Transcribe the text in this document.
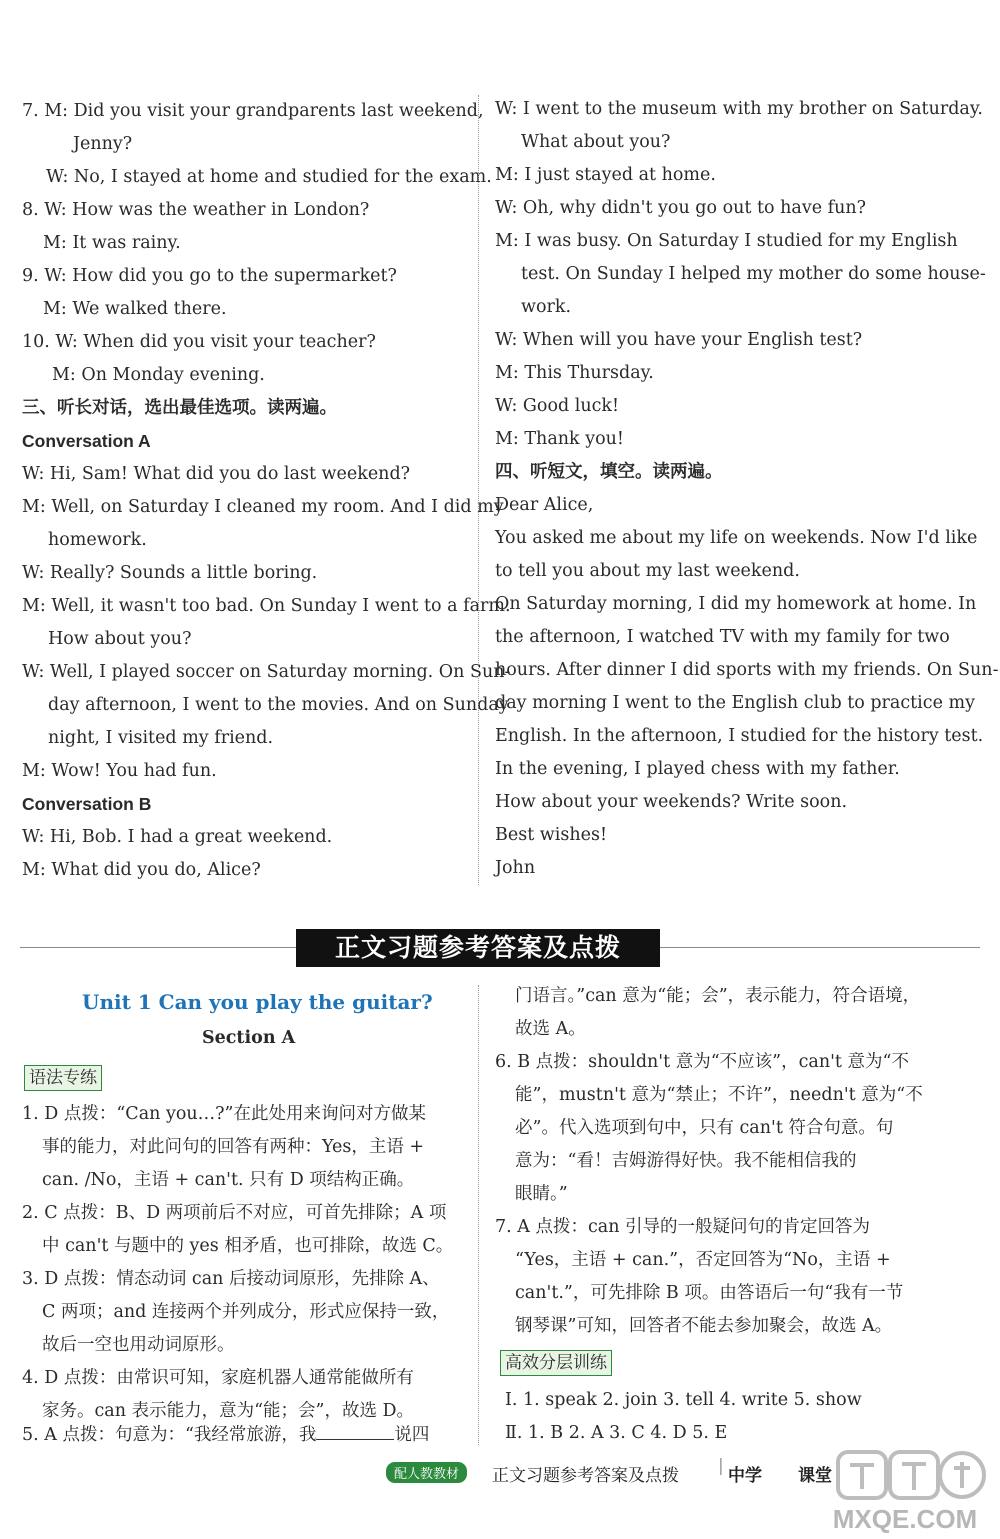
7. M: Did you visit your grandparents last weekend,
Jenny?
W: No, I stayed at home and studied for the exam.
8. W: How was the weather in London?
M: It was rainy.
9. W: How did you go to the supermarket?
M: We walked there.
10. W: When did you visit your teacher?
M: On Monday evening.
三、听长对话，选出最佳选项。读两遍。
Conversation A
W: Hi, Sam! What did you do last weekend?
M: Well, on Saturday I cleaned my room. And I did my
homework.
W: Really? Sounds a little boring.
M: Well, it wasn't too bad. On Sunday I went to a farm.
How about you?
W: Well, I played soccer on Saturday morning. On Sun-
day afternoon, I went to the movies. And on Sunday
night, I visited my friend.
M: Wow! You had fun.
Conversation B
W: Hi, Bob. I had a great weekend.
M: What did you do, Alice?
W: I went to the museum with my brother on Saturday.
What about you?
M: I just stayed at home.
W: Oh, why didn't you go out to have fun?
M: I was busy. On Saturday I studied for my English
test. On Sunday I helped my mother do some house-
work.
W: When will you have your English test?
M: This Thursday.
W: Good luck!
M: Thank you!
四、听短文，填空。读两遍。
Dear Alice,
You asked me about my life on weekends. Now I'd like
to tell you about my last weekend.
On Saturday morning, I did my homework at home. In
the afternoon, I watched TV with my family for two
hours. After dinner I did sports with my friends. On Sun-
day morning I went to the English club to practice my
English. In the afternoon, I studied for the history test.
In the evening, I played chess with my father.
How about your weekends? Write soon.
Best wishes!
John
正文习题参考答案及点拨
Unit 1 Can you play the guitar?
Section A
语法专练
1. D 点拨：“Can you…?”在此处用来询问对方做某
事的能力，对此问句的回答有两种：Yes，主语 +
can. /No，主语 + can't. 只有 D 项结构正确。
2. C 点拨：B、D 两项前后不对应，可首先排除；A 项
中 can't 与题中的 yes 相矛盾，也可排除，故选 C。
3. D 点拨：情态动词 can 后接动词原形，先排除 A、
C 两项；and 连接两个并列成分，形式应保持一致，
故后一空也用动词原形。
4. D 点拨：由常识可知，家庭机器人通常能做所有
家务。can 表示能力，意为“能；会”，故选 D。
5. A 点拨：句意为：“我经常旅游，我	说四
门语言。”can 意为“能；会”，表示能力，符合语境，
故选 A。
6. B 点拨：shouldn't 意为“不应该”，can't 意为“不
能”，mustn't 意为“禁止；不许”，needn't 意为“不
必”。代入选项到句中，只有 can't 符合句意。句
意为：“看！吉姆游得好快。我不能相信我的
眼睛。”
7. A 点拨：can 引导的一般疑问句的肯定回答为
“Yes，主语 + can.”，否定回答为“No，主语 +
can't.”，可先排除 B 项。由答语后一句“我有一节
钢琴课”可知，回答者不能去参加聚会，故选 A。
高效分层训练
Ⅰ. 1. speak 2. join 3. tell 4. write 5. show
Ⅱ. 1. B 2. A 3. C 4. D 5. E
配人教教材	正文习题参考答案及点拨 | 中学 课堂
MXQE.COM
